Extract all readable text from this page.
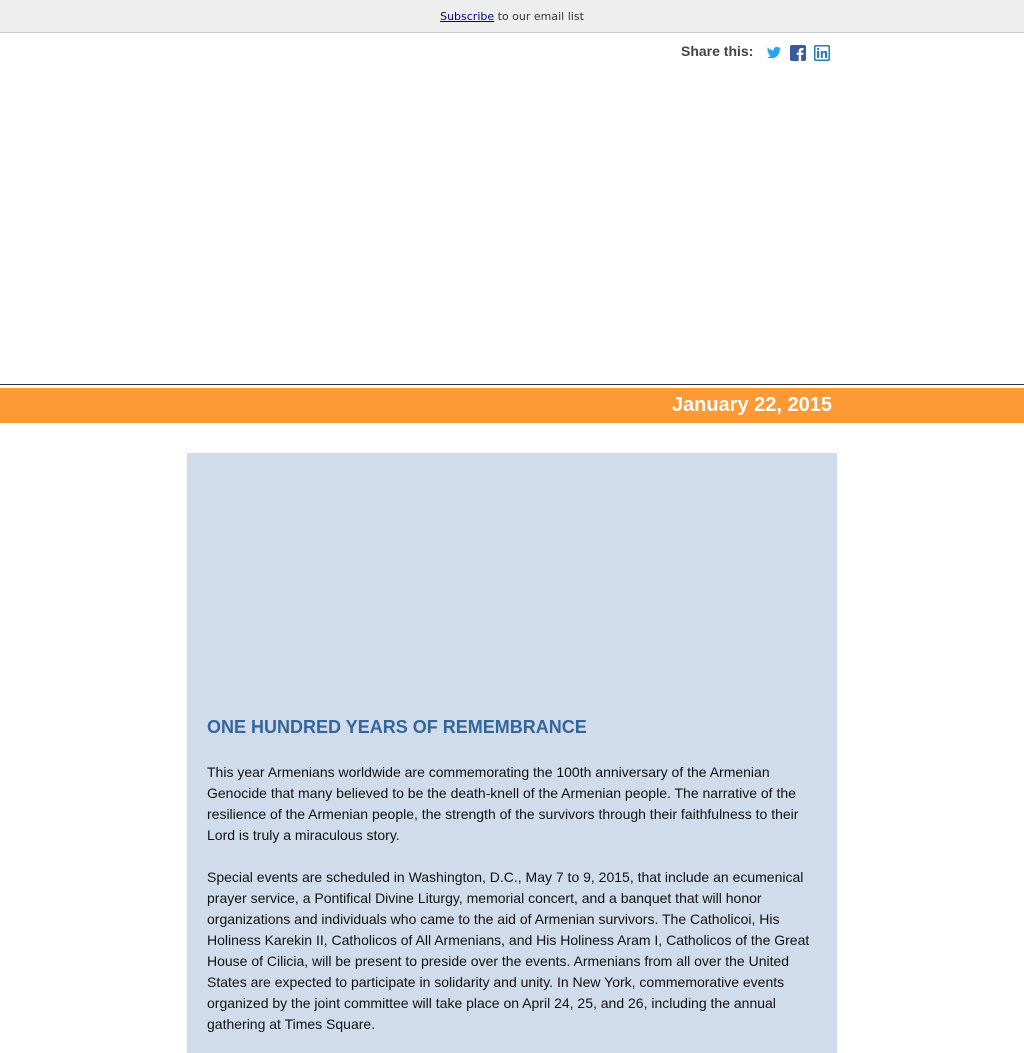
Subscribe to our email list
Share this:
January 22, 2015
ONE HUNDRED YEARS OF REMEMBRANCE

This year Armenians worldwide are commemorating the 100th anniversary of the Armenian Genocide that many believed to be the death-knell of the Armenian people. The narrative of the resilience of the Armenian people, the strength of the survivors through their faithfulness to their Lord is truly a miraculous story.

Special events are scheduled in Washington, D.C., May 7 to 9, 2015, that include an ecumenical prayer service, a Pontifical Divine Liturgy, memorial concert, and a banquet that will honor organizations and individuals who came to the aid of Armenian survivors. The Catholicoi, His Holiness Karekin II, Catholicos of All Armenians, and His Holiness Aram I, Catholicos of the Great House of Cilicia, will be present to preside over the events. Armenians from all over the United States are expected to participate in solidarity and unity. In New York, commemorative events organized by the joint committee will take place on April 24, 25, and 26, including the annual gathering at Times Square.
